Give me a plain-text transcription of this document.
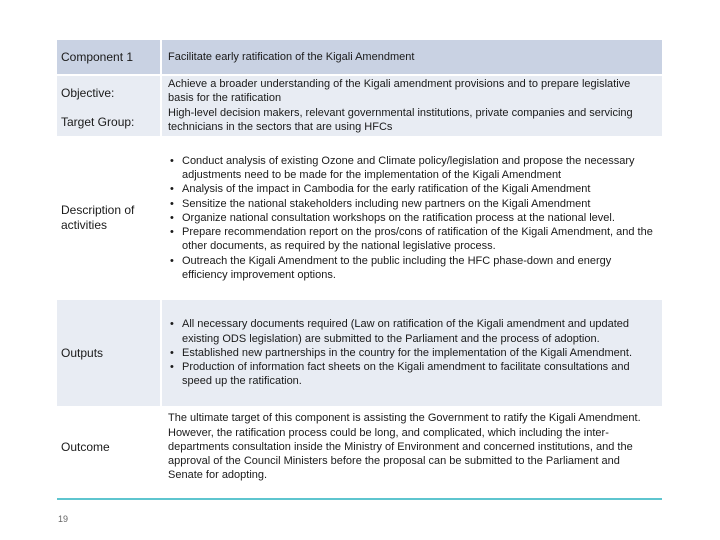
Component 1	Facilitate early ratification of the Kigali Amendment
Objective:
Target Group:
Achieve a broader understanding of the Kigali amendment provisions and to prepare legislative basis for the ratification
High-level decision makers, relevant governmental institutions, private companies and servicing technicians in the sectors that are using HFCs
Description of activities
• Conduct analysis of existing Ozone and Climate policy/legislation and propose the necessary adjustments need to be made for the implementation of the Kigali Amendment
• Analysis of the impact in Cambodia for the early ratification of the Kigali Amendment
• Sensitize the national stakeholders including new partners on the Kigali Amendment
• Organize national consultation workshops on the ratification process at the national level.
• Prepare recommendation report on the pros/cons of ratification of the Kigali Amendment, and the other documents, as required by the national legislative process.
• Outreach the Kigali Amendment to the public including the HFC phase-down and energy efficiency improvement options.
Outputs
• All necessary documents required (Law on ratification of the Kigali amendment and updated existing ODS legislation) are submitted to the Parliament and the process of adoption.
• Established new partnerships in the country for the implementation of the Kigali Amendment.
• Production of information fact sheets on the Kigali amendment to facilitate consultations and speed up the ratification.
Outcome
The ultimate target of this component is assisting the Government to ratify the Kigali Amendment. However, the ratification process could be long, and complicated, which including the inter-departments consultation inside the Ministry of Environment and concerned institutions, and the approval of the Council Ministers before the proposal can be submitted to the Parliament and Senate for adopting.
19
